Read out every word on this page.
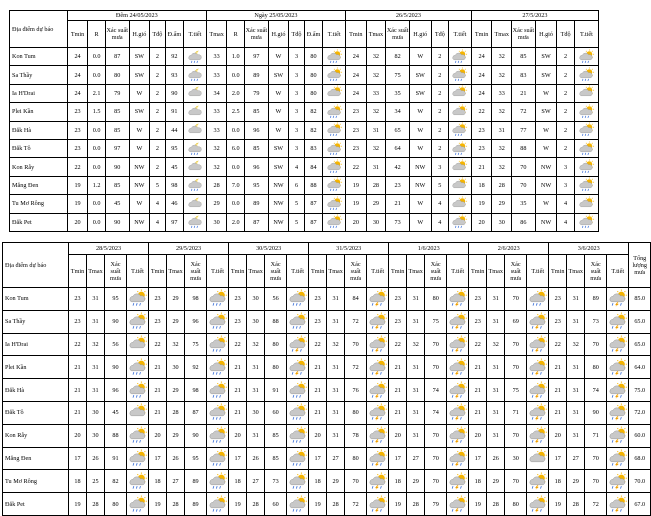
Địa điểm dự báo	Đêm 24/05/2023							Ngày 25/05/2023							26/5/2023						27/5/2023					
	Tmin	R	Xác suất mưa	H.gió	Tđộ	Đ.ẩm	T.tiết	Tmax	R	Xác suất mưa	H.gió	Tđộ	Đ.ẩm	T.tiết	Tmin	Tmax	Xác suất mưa	H.gió	Tđộ	T.tiết	Tmin	Tmax	Xác suất mưa	H.gió	Tđộ	T.tiết
Kon Tum	24	0.0	87	SW	2	92		33	1.0	97	W	3	80		24	32	82	W	2		24	32	85	SW	2	

Sa Thầy	24	0.0	80	SW	2	93		33	0.0	89	SW	3	80		24	32	75	SW	2		24	32	83	SW	2	

Ia H'Drai	24	2.1	79	W	2	90		34	2.0	79	W	3	80		24	33	35	SW	2		24	33	21	W	2	

Plei Kần	23	1.5	85	SW	2	91		33	2.5	85	W	3	82		23	32	34	W	2		22	32	72	SW	2	

Đăk Hà	23	0.0	85	W	2	44		33	0.0	96	W	3	82		23	31	65	W	2		23	31	77	W	2	

Đăk Tô	23	0.0	97	W	2	95		32	6.0	85	SW	3	83		23	32	64	W	2		23	32	88	W	2	

Kon Rẫy	22	0.0	90	NW	2	45		32	0.0	96	SW	4	84		22	31	42	NW	3		21	32	70	NW	3	

Măng Đen	19	1.2	85	NW	5	98		28	7.0	95	NW	6	88		19	28	23	NW	5		18	28	70	NW	3	

Tu Mơ Rông	19	0.0	45	W	4	46		29	0.0	89	NW	5	87		19	29	21	W	4		19	29	35	W	4	

Đăk Pet	20	0.0	90	NW	4	97		30	2.0	87	NW	5	87		20	30	73	W	4		20	30	86	NW	4	
Địa điểm dự báo	28/5/2023				29/5/2023				30/5/2023				31/5/2023				1/6/2023				2/6/2023				3/6/2023				Tổng lượng mưa
	Tmin	Tmax	Xác suất mưa	T.tiết	Tmin	Tmax	Xác suất mưa	T.tiết	Tmin	Tmax	Xác suất mưa	T.tiết	Tmin	Tmax	Xác suất mưa	T.tiết	Tmin	Tmax	Xác suất mưa	T.tiết	Tmin	Tmax	Xác suất mưa	T.tiết	Tmin	Tmax	Xác suất mưa	T.tiết	
Kon Tum	23	31	95		23	29	98		23	30	56		23	31	84		23	31	80		23	31	70		23	31	89		85.0
Sa Thầy	23	31	90		23	29	96		23	30	88		23	31	72		23	31	75		23	31	69		23	31	73		65.0
Ia H'Drai	22	32	56		22	32	75		22	32	80		22	32	70		22	32	70		22	32	70		22	32	70		65.0
Plei Kần	21	31	90		21	30	92		21	31	80		21	31	72		21	31	70		21	31	70		21	31	80		64.0
Đăk Hà	21	31	96		21	29	98		21	31	91		21	31	76		21	31	74		21	31	75		21	31	74		75.0
Đăk Tô	21	30	45		21	28	87		21	30	60		21	31	80		21	31	74		21	31	71		21	31	90		72.0
Kon Rẫy	20	30	88		20	29	90		20	31	85		20	31	78		20	31	70		20	31	70		20	31	71		60.0
Măng Đen	17	26	91		17	26	95		17	26	85		17	27	80		17	27	70		17	26	30		17	27	70		68.0
Tu Mơ Rông	18	25	82		18	27	89		18	27	73		18	29	70		18	29	70		18	29	70		18	29	70		70.0
Đăk Pet	19	28	80		19	28	89		19	28	60		19	28	72		19	28	79		19	28	80		19	28	72		67.0
